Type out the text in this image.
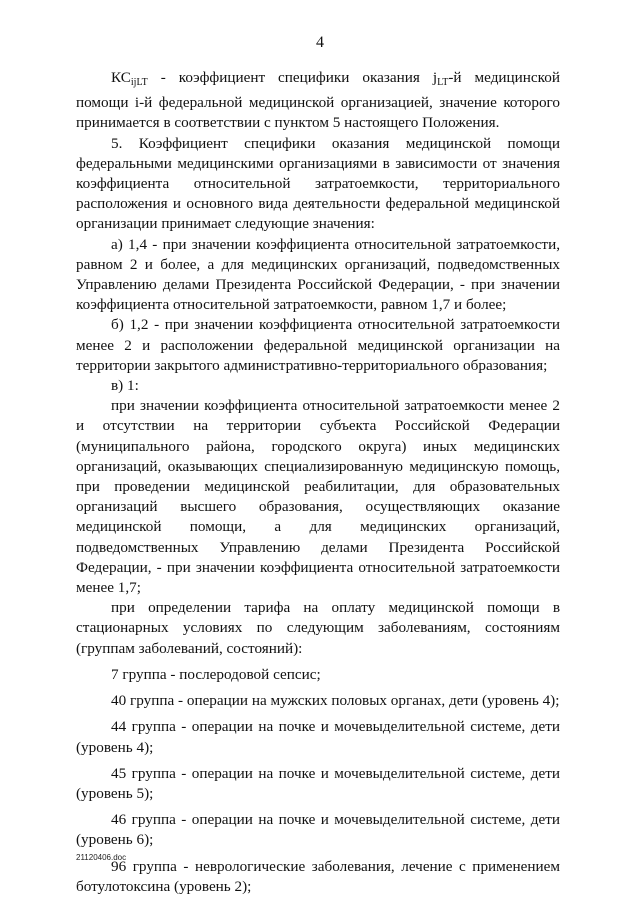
4

КСijLT - коэффициент специфики оказания jLT-й медицинской помощи i-й федеральной медицинской организацией, значение которого принимается в соответствии с пунктом 5 настоящего Положения.

5. Коэффициент специфики оказания медицинской помощи федеральными медицинскими организациями в зависимости от значения коэффициента относительной затратоемкости, территориального расположения и основного вида деятельности федеральной медицинской организации принимает следующие значения:

а) 1,4 - при значении коэффициента относительной затратоемкости, равном 2 и более, а для медицинских организаций, подведомственных Управлению делами Президента Российской Федерации, - при значении коэффициента относительной затратоемкости, равном 1,7 и более;

б) 1,2 - при значении коэффициента относительной затратоемкости менее 2 и расположении федеральной медицинской организации на территории закрытого административно-территориального образования;

в) 1:

при значении коэффициента относительной затратоемкости менее 2 и отсутствии на территории субъекта Российской Федерации (муниципального района, городского округа) иных медицинских организаций, оказывающих специализированную медицинскую помощь, при проведении медицинской реабилитации, для образовательных организаций высшего образования, осуществляющих оказание медицинской помощи, а для медицинских организаций, подведомственных Управлению делами Президента Российской Федерации, - при значении коэффициента относительной затратоемкости менее 1,7;

при определении тарифа на оплату медицинской помощи в стационарных условиях по следующим заболеваниям, состояниям (группам заболеваний, состояний):

7 группа - послеродовой сепсис;

40 группа - операции на мужских половых органах, дети (уровень 4);

44 группа - операции на почке и мочевыделительной системе, дети (уровень 4);

45 группа - операции на почке и мочевыделительной системе, дети (уровень 5);

46 группа - операции на почке и мочевыделительной системе, дети (уровень 6);

96 группа - неврологические заболевания, лечение с применением ботулотоксина (уровень 2);

21120406.doc
